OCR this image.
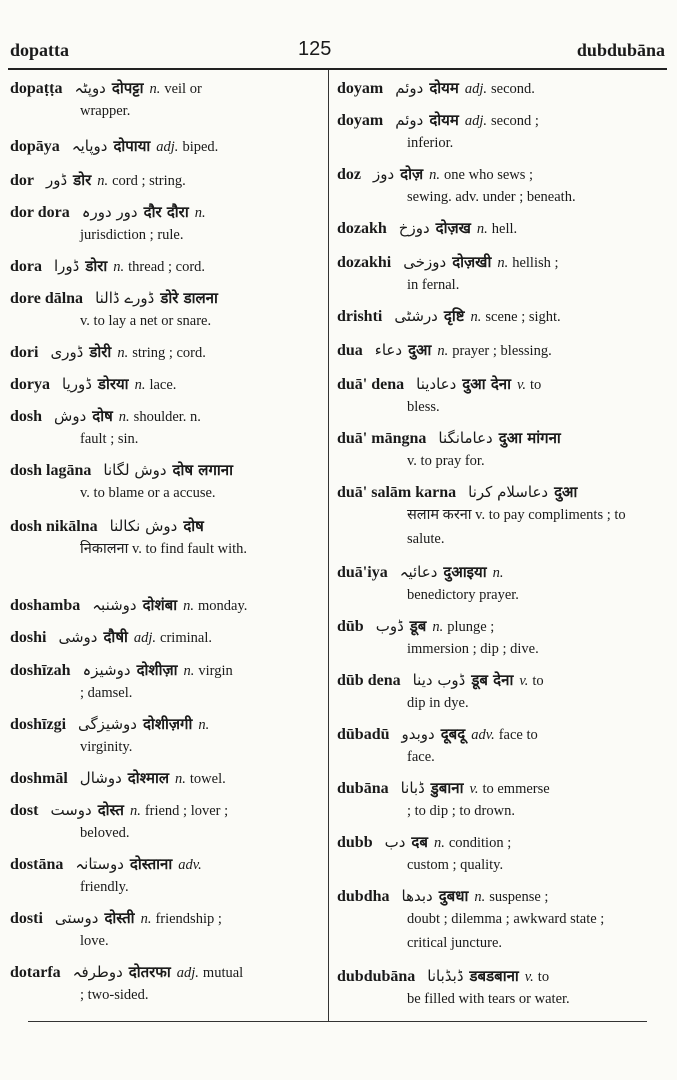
dopatta	125	dubdubāna
dopaṭṭa دوپٹہ दोपट्टा n. veil or
wrapper.
dopāya دوپایہ दोपाया adj. biped.
dor ڈور डोर n. cord ; string.
dor dora دور دورہ दौर दौरा n.
jurisdiction ; rule.
dora ڈورا डोरा n. thread ; cord.
dore dālna ڈورے ڈالنا डोरे डालना
v. to lay a net or snare.
dori ڈوری डोरी n. string ; cord.
dorya ڈوریا डोरया n. lace.
dosh دوش दोष n. shoulder. n.
fault ; sin.
dosh lagāna دوش لگانا दोष लगाना
v. to blame or a accuse.
dosh nikālna دوش نکالنا दोष
निकालना v. to find fault with.
doshamba دوشنبہ दोशंबा n. monday.
doshi دوشی दौषी adj. criminal.
doshīzah دوشیزہ दोशीज़ा n. virgin
; damsel.
doshīzgi دوشیزگی दोशीज़गी n.
virginity.
doshmāl دوشال दोश्माल n. towel.
dost دوست दोस्त n. friend ; lover ;
beloved.
dostāna دوستانہ दोस्ताना adv.
friendly.
dosti دوستی दोस्ती n. friendship ;
love.
dotarfa دوطرفہ दोतरफा adj. mutual
; two-sided.
doyam دوئم दोयम adj. second.
doyam دوئم दोयम adj. second ;
inferior.
doz دوز दोज़ n. one who sews ;
sewing. adv. under ; beneath.
dozakh دوزخ दोज़ख n. hell.
dozakhi دوزخی दोज़खी n. hellish ;
in fernal.
drishti درشٹی दृष्टि n. scene ; sight.
dua دعاء दुआ n. prayer ; blessing.
duā' dena دعادینا दुआ देना v. to
bless.
duā' māngna دعامانگنا दुआ मांगना
v. to pray for.
duā' salām karna دعاسلام کرنا दुआ
सलाम करना v. to pay compliments ; to salute.
duā'iya دعائیہ दुआइया n.
benedictory prayer.
dūb ڈوب डूब n. plunge ;
immersion ; dip ; dive.
dūb dena ڈوب دینا डूब देना v. to
dip in dye.
dūbadū دوبدو दूबदू adv. face to
face.
dubāna ڈبانا डुबाना v. to emmerse
; to dip ; to drown.
dubb دب दब n. condition ;
custom ; quality.
dubdha دبدھا दुबधा n. suspense ;
doubt ; dilemma ; awkward state ; critical juncture.
dubdubāna ڈبڈبانا डबडबाना v. to
be filled with tears or water.
